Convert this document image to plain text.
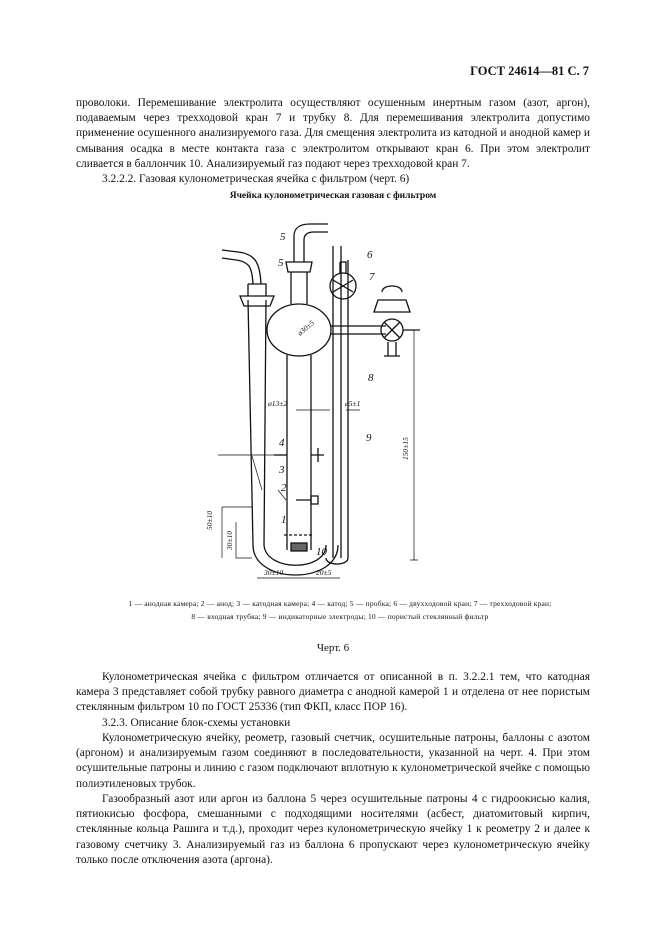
ГОСТ 24614—81 С. 7
проволоки. Перемешивание электролита осуществляют осушенным инертным газом (азот, аргон), подаваемым через трехходовой кран 7 и трубку 8. Для перемешивания электролита допустимо применение осушенного анализируемого газа. Для смещения электролита из катодной и анодной камер и смывания осадка в месте контакта газа с электролитом открывают кран 6. При этом электролит сливается в баллончик 10. Анализируемый газ подают через трехходовой кран 7.
3.2.2.2. Газовая кулонометрическая ячейка с фильтром (черт. 6)
Ячейка кулонометрическая газовая с фильтром
5
5
6
7
8
9
4
3
2
1
10
ø30±5
ø13±2	ø5±1
150±15
50±10
30±10
30±10	20±5
1 — анодная камера; 2 — анод; 3 — катодная камера; 4 — катод; 5 — пробка; 6 — двухходовой кран; 7 — трехходовой кран;
8 — входная трубка; 9 — индикаторные электроды; 10 — пористый стеклянный фильтр
Черт. 6
Кулонометрическая ячейка с фильтром отличается от описанной в п. 3.2.2.1 тем, что катодная камера 3 представляет собой трубку равного диаметра с анодной камерой 1 и отделена от нее пористым стеклянным фильтром 10 по ГОСТ 25336 (тип ФКП, класс ПОР 16).
3.2.3. Описание блок-схемы установки
Кулонометрическую ячейку, реометр, газовый счетчик, осушительные патроны, баллоны с азотом (аргоном) и анализируемым газом соединяют в последовательности, указанной на черт. 4. При этом осушительные патроны и линию с газом подключают вплотную к кулонометрической ячейке с помощью полиэтиленовых трубок.
Газообразный азот или аргон из баллона 5 через осушительные патроны 4 с гидроокисью калия, пятиокисью фосфора, смешанными с подходящими носителями (асбест, диатомитовый кирпич, стеклянные кольца Рашига и т.д.), проходит через кулонометрическую ячейку 1 к реометру 2 и далее к газовому счетчику 3. Анализируемый газ из баллона 6 пропускают через кулонометрическую ячейку только после отключения азота (аргона).
